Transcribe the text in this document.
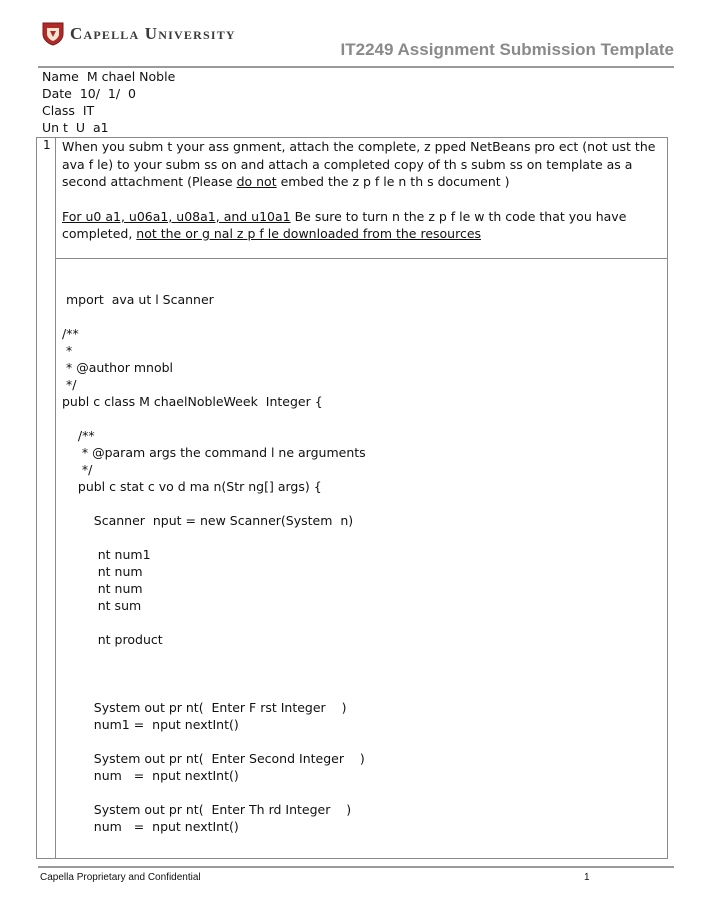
Capella University
IT2249 Assignment Submission Template
Name  M chael Noble
Date  10/  1/  0
Class  IT
Un t  U  a1
1 When you subm t your ass gnment, attach the complete, z pped NetBeans pro ect (not ust the ava f le) to your subm ss on and attach a completed copy of th s subm ss on template as a second attachment (Please do not embed the z p f le n th s document )

For u0 a1, u06a1, u08a1, and u10a1 Be sure to turn n the z p f le w th code that you have completed, not the or g nal z p f le downloaded from the resources

mport  ava ut l Scanner
/**
*
* @author mnobl
*/
publ c class M chaelNobleWeek  Integer {
/**
* @param args the command l ne arguments
*/
publ c stat c vo d ma n(Str ng[] args) {
Scanner  nput = new Scanner(System  n)
nt num1
nt num
nt num
nt sum
nt product
System out pr nt(  Enter F rst Integer    )
num1 =  nput nextInt()
System out pr nt(  Enter Second Integer    )
num   =  nput nextInt()
System out pr nt(  Enter Th rd Integer    )
num   =  nput nextInt()
Capella Proprietary and Confidential	1
